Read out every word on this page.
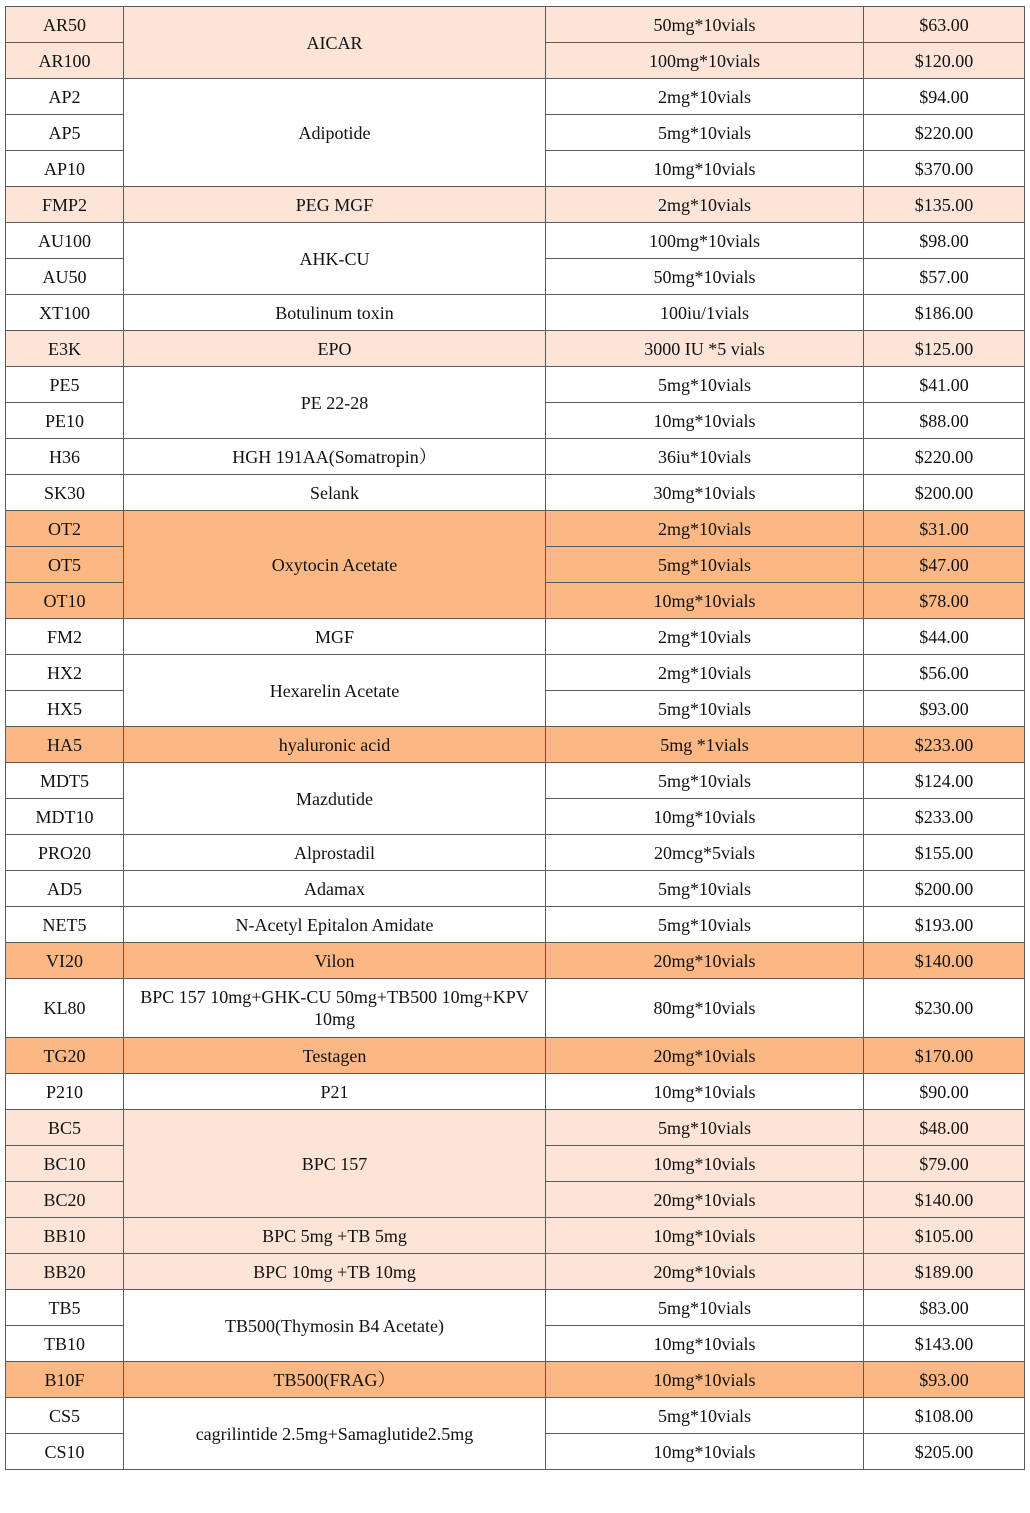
AR50	AICAR	50mg*10vials	$63.00
AR100		100mg*10vials	$120.00
AP2	Adipotide	2mg*10vials	$94.00
AP5		5mg*10vials	$220.00
AP10		10mg*10vials	$370.00
FMP2	PEG MGF	2mg*10vials	$135.00
AU100	AHK-CU	100mg*10vials	$98.00
AU50		50mg*10vials	$57.00
XT100	Botulinum toxin	100iu/1vials	$186.00
E3K	EPO	3000 IU *5 vials	$125.00
PE5	PE 22-28	5mg*10vials	$41.00
PE10		10mg*10vials	$88.00
H36	HGH 191AA(Somatropin）	36iu*10vials	$220.00
SK30	Selank	30mg*10vials	$200.00
OT2	Oxytocin Acetate	2mg*10vials	$31.00
OT5		5mg*10vials	$47.00
OT10		10mg*10vials	$78.00
FM2	MGF	2mg*10vials	$44.00
HX2	Hexarelin Acetate	2mg*10vials	$56.00
HX5		5mg*10vials	$93.00
HA5	hyaluronic acid	5mg *1vials	$233.00
MDT5	Mazdutide	5mg*10vials	$124.00
MDT10		10mg*10vials	$233.00
PRO20	Alprostadil	20mcg*5vials	$155.00
AD5	Adamax	5mg*10vials	$200.00
NET5	N-Acetyl Epitalon Amidate	5mg*10vials	$193.00
VI20	Vilon	20mg*10vials	$140.00
KL80	BPC 157 10mg+GHK-CU 50mg+TB500 10mg+KPV 10mg	80mg*10vials	$230.00
TG20	Testagen	20mg*10vials	$170.00
P210	P21	10mg*10vials	$90.00
BC5	BPC 157	5mg*10vials	$48.00
BC10		10mg*10vials	$79.00
BC20		20mg*10vials	$140.00
BB10	BPC 5mg +TB 5mg	10mg*10vials	$105.00
BB20	BPC 10mg +TB 10mg	20mg*10vials	$189.00
TB5	TB500(Thymosin B4 Acetate)	5mg*10vials	$83.00
TB10		10mg*10vials	$143.00
B10F	TB500(FRAG）	10mg*10vials	$93.00
CS5	cagrilintide 2.5mg+Samaglutide2.5mg	5mg*10vials	$108.00
CS10		10mg*10vials	$205.00
